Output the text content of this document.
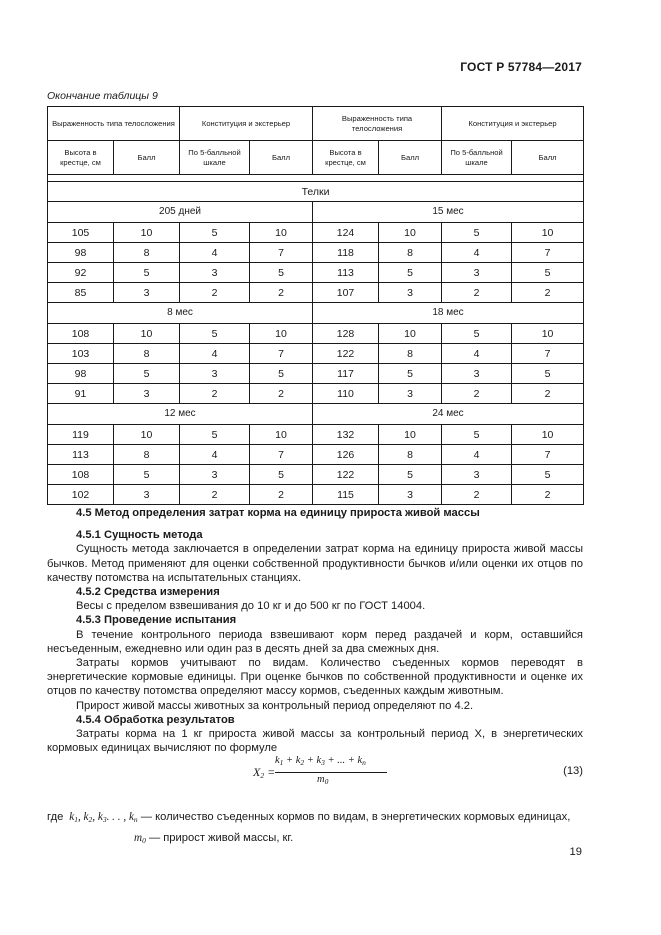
ГОСТ Р 57784—2017
Окончание таблицы 9
Выраженность типа телосложения		Конституция и экстерьер		Выраженность типа телосложения		Конституция и экстерьер	
Высота в крестце, см	Балл	По 5-балльной шкале	Балл	Высота в крестце, см	Балл	По 5-балльной шкале	Балл

Телки							
205 дней				15 мес			
105	10	5	10	124	10	5	10
98	8	4	7	118	8	4	7
92	5	3	5	113	5	3	5
85	3	2	2	107	3	2	2
8 мес				18 мес			
108	10	5	10	128	10	5	10
103	8	4	7	122	8	4	7
98	5	3	5	117	5	3	5
91	3	2	2	110	3	2	2
12 мес				24 мес			
119	10	5	10	132	10	5	10
113	8	4	7	126	8	4	7
108	5	3	5	122	5	3	5
102	3	2	2	115	3	2	2

4.5 Метод определения затрат корма на единицу прироста живой массы

4.5.1 Сущность метода

Сущность метода заключается в определении затрат корма на единицу прироста живой массы бычков. Метод применяют для оценки собственной продуктивности бычков и/или оценки их отцов по качеству потомства на испытательных станциях.

4.5.2 Средства измерения

Весы с пределом взвешивания до 10 кг и до 500 кг по ГОСТ 14004.

4.5.3 Проведение испытания

В течение контрольного периода взвешивают корм перед раздачей и корм, оставшийся несъеденным, ежедневно или один раз в десять дней за два смежных дня.

Затраты кормов учитывают по видам. Количество съеденных кормов переводят в энергетические кормовые единицы. При оценке бычков по собственной продуктивности и оценке их отцов по качеству потомства определяют массу кормов, съеденных каждым животным.

Прирост живой массы животных за контрольный период определяют по 4.2.

4.5.4 Обработка результатов

Затраты корма на 1 кг прироста живой массы за контрольный период X, в энергетических кормовых единицах вычисляют по формуле

$X_2$ =
$k_1 + k_2 + k_3$ + ... + $k_n$
$m_0$
(13)
где  $k_1$, $k_2$, $k_3$. . . , $k_n$ — количество съеденных кормов по видам, в энергетических кормовых единицах,
$m_0$ — прирост живой массы, кг.
19
